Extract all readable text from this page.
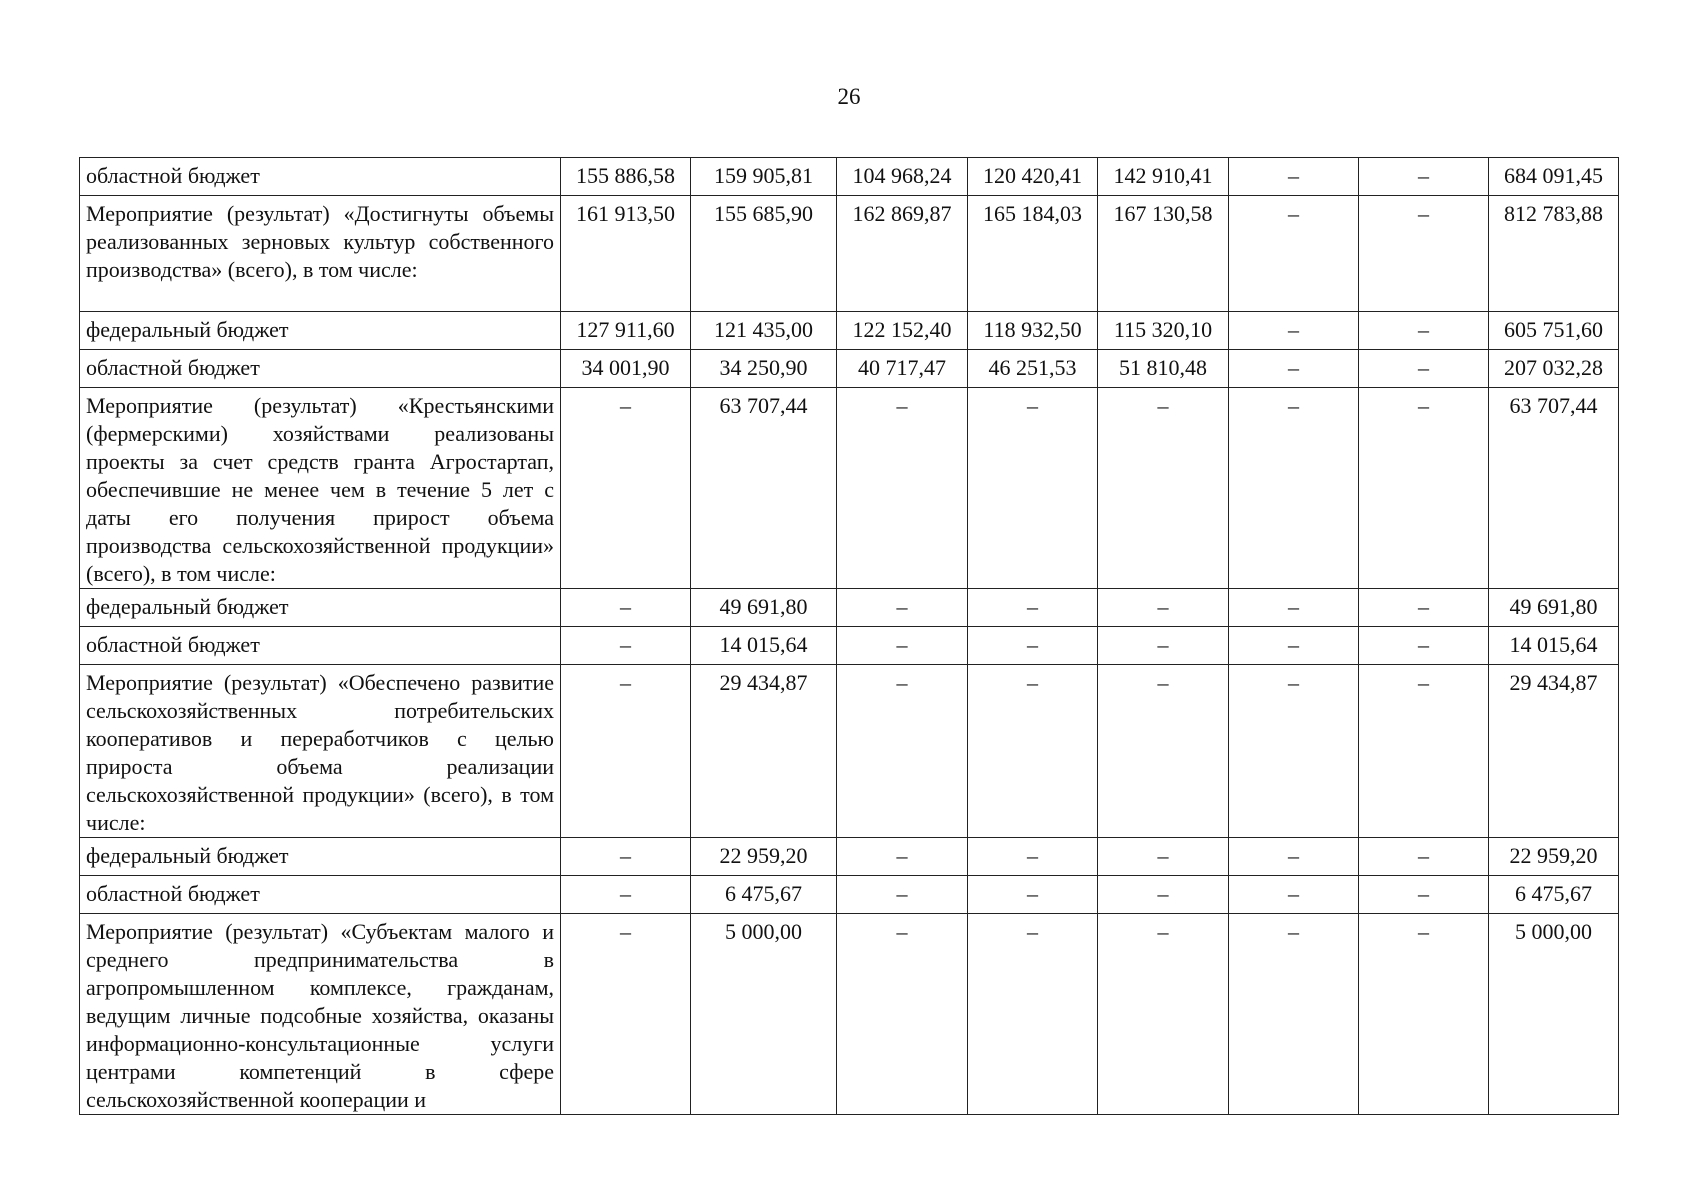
26
областной бюджет	155 886,58	159 905,81	104 968,24	120 420,41	142 910,41	–	–	684 091,45
Мероприятие (результат) «Достигнуты объемы реализованных зерновых культур собственного производства» (всего), в том числе:	161 913,50	155 685,90	162 869,87	165 184,03	167 130,58	–	–	812 783,88
федеральный бюджет	127 911,60	121 435,00	122 152,40	118 932,50	115 320,10	–	–	605 751,60
областной бюджет	34 001,90	34 250,90	40 717,47	46 251,53	51 810,48	–	–	207 032,28
Мероприятие (результат) «Крестьянскими (фермерскими) хозяйствами реализованы проекты за счет средств гранта Агростартап, обеспечившие не менее чем в течение 5 лет с даты его получения прирост объема производства сельскохозяйственной продукции» (всего), в том числе:	–	63 707,44	–	–	–	–	–	63 707,44
федеральный бюджет	–	49 691,80	–	–	–	–	–	49 691,80
областной бюджет	–	14 015,64	–	–	–	–	–	14 015,64
Мероприятие (результат) «Обеспечено развитие сельскохозяйственных потребительских кооперативов и переработчиков с целью прироста объема реализации сельскохозяйственной продукции» (всего), в том числе:	–	29 434,87	–	–	–	–	–	29 434,87
федеральный бюджет	–	22 959,20	–	–	–	–	–	22 959,20
областной бюджет	–	6 475,67	–	–	–	–	–	6 475,67
Мероприятие (результат) «Субъектам малого и среднего предпринимательства в агропромышленном комплексе, гражданам, ведущим личные подсобные хозяйства, оказаны информационно-консультационные услуги центрами компетенций в сфере сельскохозяйственной кооперации и	–	5 000,00	–	–	–	–	–	5 000,00
